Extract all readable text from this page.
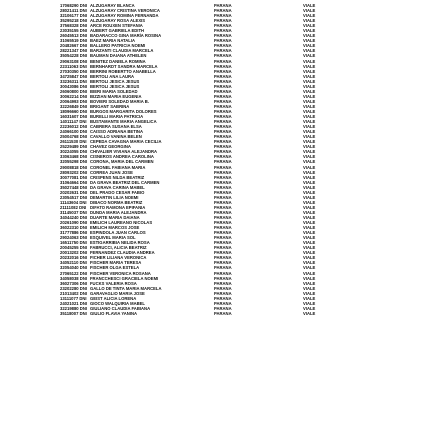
17068290 DNI ALZUGARAY BLANCA	PARANA	VIALE
28021411 DNI ALZUGARAY CRISTINA VERONICA	PARANA	VIALE
32106177 DNI ALZUGARAY ROMINA FERNANDA	PARANA	VIALE
35295218 DNI ALZUGARAY ROSA ALEXIS	PARANA	VIALE
37568328 DNI ARCE ROUXEN STEFANIA	PARANA	VIALE
23035155 DNI AUBERT GABRIELA EDITH	PARANA	VIALE
26045513 DNI BADARACCO GINA MARÍA ROSINA	PARANA	VIALE
31065519 DNI BAEZ MARIA NATALIA	PARANA	VIALE
20482667 DNI BALLERO PATRICIA NOEMI	PARANA	VIALE
28221347 DNI BARZANTI CLAUDIA MARCELA	PARANA	VIALE
35054228 DNI BAUMAN DAIANA ATHELEN	PARANA	VIALE
29063108 DNI BENITEZ DANIELA ROMINA	PARANA	VIALE
22311063 DNI BERNHARDT SANDRA MARCELA	PARANA	VIALE
27030350 DNI BERRINI ROBERTTO ANABELLA	PARANA	VIALE
34725847 DNI BERTOLI ANA LAURA	PARANA	VIALE
33236311 DNI BERTOLI JESICA JESUS	PARANA	VIALE
30043086 DNI BERTOLI JESICA JESUS	PARANA	VIALE
26060800 DNI BIERI MARIA SOLEDAD	PARANA	VIALE
30062214 DNI BIZZIAN MARIA EUGENIA	PARANA	VIALE
20064993 DNI BOVIERI SOLEDAD MARIA B.	PARANA	VIALE
32226849 DNI BRIGANT SABRINA	PARANA	VIALE
18096660 DNI BURGOS MARGARITA DOLORES	PARANA	VIALE
16031607 DNI BURELLI MARIA PATRICIA	PARANA	VIALE
14011147 DNI BUSTAMANTE MARIA ANGELICA	PARANA	VIALE
22236012 DNI CABRERA SUSANA ELSA	PARANA	VIALE
24066100 DNI CAISSO ADRIANA BETINA	PARANA	VIALE
25004768 DNI CAVALLO VANINA BELEN	PARANA	VIALE
26111530 DNI CEPEDA CAVAGNA MARIA CECILIA	PARANA	VIALE
25229489 DNI CHAVEZ GEORGINA	PARANA	VIALE
30224055 DNI CHIVALIER VIVIANA ALEJANDRA	PARANA	VIALE
33063468 DNI CISNEROS ANDREA CAROLINA	PARANA	VIALE
32055298 DNI CORONA, MARIA DEL CARMEN	PARANA	VIALE
29008818 DNI CORONEL FABIANA MARIA	PARANA	VIALE
28093202 DNI CORREA JUAN JOSE	PARANA	VIALE
30077081 DNI CRISPENS NILDA BEATRIZ	PARANA	VIALE
31064664 DNI DA GRAVA BEATRIZ DEL CARMEN	PARANA	VIALE
35027448 DNI DA GRAVA CARINA MABEL	PARANA	VIALE
20202631 DNI DEL PRADO CESAR FABIO	PARANA	VIALE
23054517 DNI DEMARTIN LILIA NOEMI	PARANA	VIALE
11143604 DNI DIBACO NORMA BEATRIZ	PARANA	VIALE
21111082 DNI DIFATO RAMONA EPIFANIA	PARANA	VIALE
31145037 DNI DUNDA MARIA ALEJANDRA	PARANA	VIALE
34044240 DNI DUARTE MARIA DAIANA	PARANA	VIALE
20261090 DNI EMILICH LAUREANO NICOLAS	PARANA	VIALE
36022310 DNI EMILICH MARCOS JOSE	PARANA	VIALE
31777886 DNI ESPINDOLA JUAN CARLOS	PARANA	VIALE
29024063 DNI ESQUIVEL MARIA SOL	PARANA	VIALE
16511750 DNI ESTIGARRIBIA NELIDA ROSA	PARANA	VIALE
20045255 DNI FABRUCCI, ALICIA BEATRIZ	PARANA	VIALE
20013202 DNI FERNANDEZ CLAUDIA ANDREA	PARANA	VIALE
20232016 DNI FICHER LILIANA VERONICA	PARANA	VIALE
34052110 DNI FISCHER MARIA TERESA	PARANA	VIALE
32054040 DNI FISCHER OLGA ESTELA	PARANA	VIALE
27065122 DNI FISCHER VERONICA ROSANA	PARANA	VIALE
34058038 DNI FRANCCHESCI GRACIELA NOEMI	PARANA	VIALE
36027306 DNI FUCKS VALERIA ROSA	PARANA	VIALE
23202280 DNI GALLO DE TINTA MARIA MARCELA	PARANA	VIALE
21013402 DNI GARAVAGLIO MARIA JOSE	PARANA	VIALE
13111077 DNI GEIST ALICIA LORENA	PARANA	VIALE
24021021 DNI GIOCO WALQUIRIA MABEL	PARANA	VIALE
32219880 DNI GIULIANO CLAUDIA FABIANA	PARANA	VIALE
35118007 DNI GIULIO FLAVIA YANINA	PARANA	VIALE
